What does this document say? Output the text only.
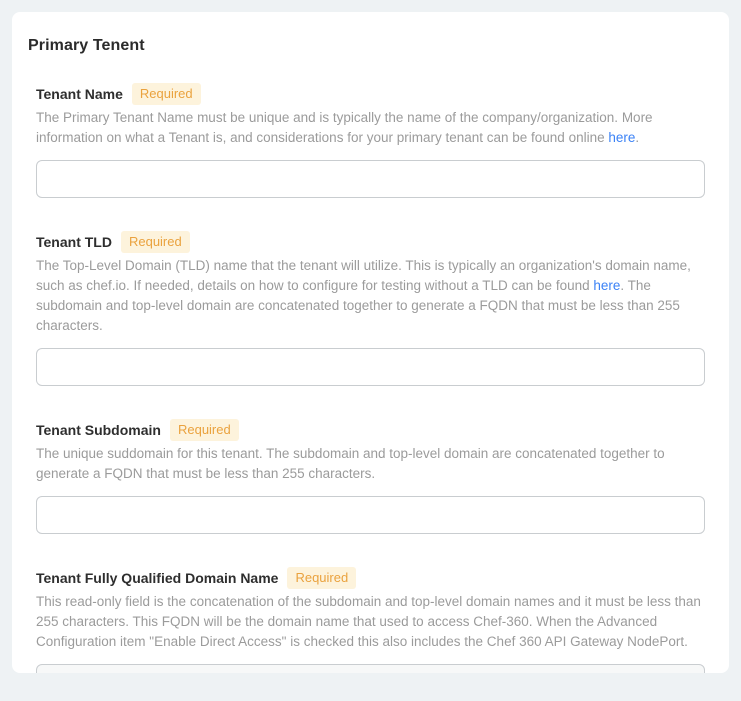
Primary Tenent
Tenant Name	Required

The Primary Tenant Name must be unique and is typically the name of the company/organization. More information on what a Tenant is, and considerations for your primary tenant can be found online here.

Tenant TLD	Required

The Top-Level Domain (TLD) name that the tenant will utilize. This is typically an organization's domain name, such as chef.io. If needed, details on how to configure for testing without a TLD can be found here. The subdomain and top-level domain are concatenated together to generate a FQDN that must be less than 255 characters.

Tenant Subdomain	Required

The unique suddomain for this tenant. The subdomain and top-level domain are concatenated together to generate a FQDN that must be less than 255 characters.

Tenant Fully Qualified Domain Name	Required

This read-only field is the concatenation of the subdomain and top-level domain names and it must be less than 255 characters. This FQDN will be the domain name that used to access Chef-360. When the Advanced Configuration item "Enable Direct Access" is checked this also includes the Chef 360 API Gateway NodePort.
